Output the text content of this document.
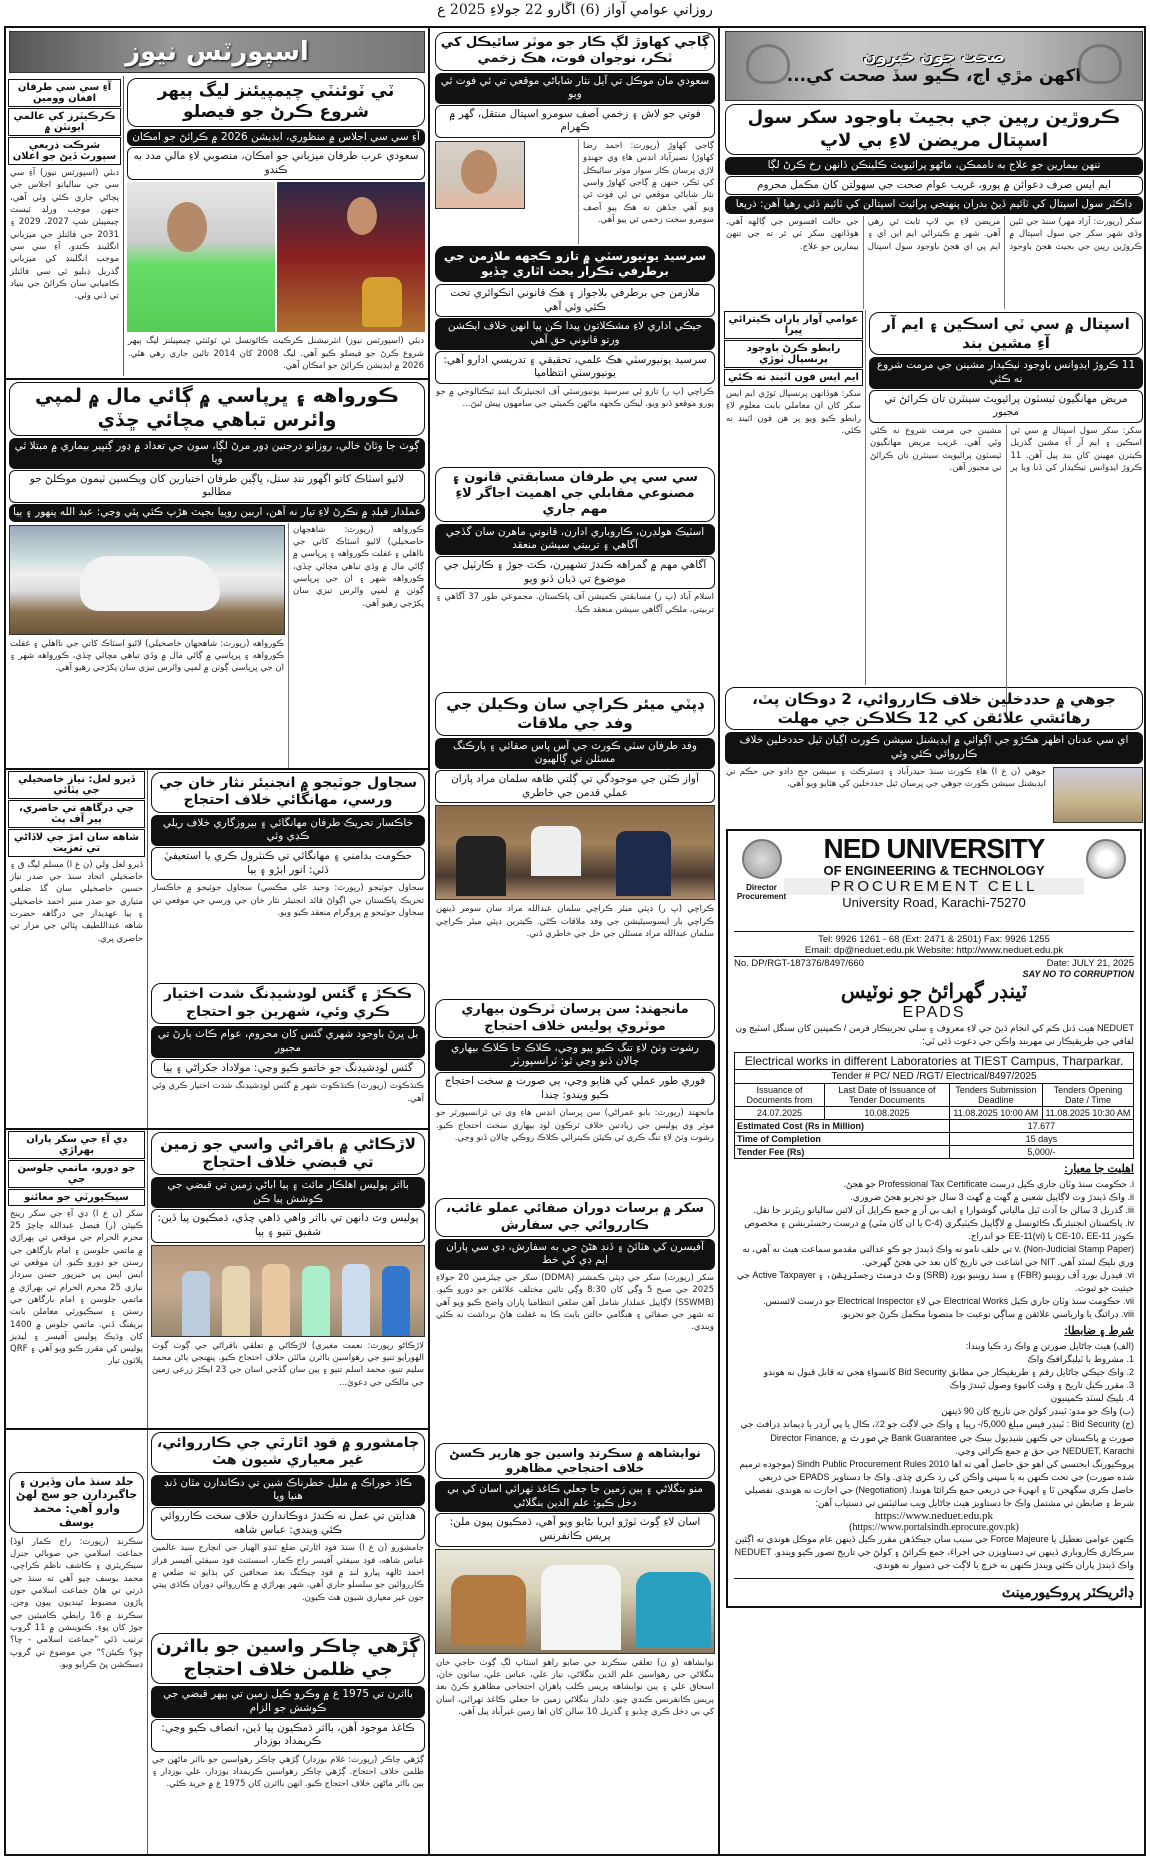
روزاني عوامي آواز (6) اڱارو 22 جولاءِ 2025 ع
اسپورٽس نيوز
آءِ سي سي طرفان افغان وومين
ڪرڪيٽرز کي عالمي ايونٽن ۾
شرڪت ذريعي سپورٽ ڏيڻ جو اعلان
دبئي (اسپورٽس نيوز) آءِ سي سي جي ساليانو اجلاس جي پڄاڻي جاري ڪئي وئي آهي، جنهن موجب ورلڊ ٽيسٽ چيمپيئن شپ 2027، 2029 ۽ 2031 جي فائنلز جي ميزباني انگلينڊ ڪندو. آءِ سي سي موجب انگلينڊ کي ميزباني گذريل ڊبليو ٽي سي فائنلز ڪاميابي سان ڪرائڻ جي بنياد تي ڏني وئي.
ٽي ٽوئنٽي چيمپيئنز ليگ ٻيهر شروع ڪرڻ جو فيصلو
آءِ سي سي اجلاس ۾ منظوري، ايڊيشن 2026 ۾ ڪرائڻ جو امڪان
سعودي عرب طرفان ميزباني جو امڪان، منصوبي لاءِ مالي مدد به ڪندو
دبئي (اسپورٽس نيوز) انٽرنيشنل ڪرڪيٽ ڪائونسل ٽي ٽوئنٽي چيمپيئنز ليگ ٻيهر شروع ڪرڻ جو فيصلو ڪيو آهي. ليگ 2008 کان 2014 تائين جاري رهي هئي. 2026 ۾ ايڊيشن ڪرائڻ جو امڪان آهي.
ڪورواهه ۽ ڀرپاسي ۾ ڳائي مال ۾ لمپي وائرس تباهي مچائي ڇڏي
ڳوٺ جا وٿاڻ خالي، روزانو درجنين ڍور مرڻ لڳا، سون جي تعداد ۾ ڍور ڳنڀير بيماري ۾ مبتلا ٿي ويا
لائيو اسٽاڪ کاتو اگھور ننڊ ستل، ڀاڳين طرفان اختيارين کان ويڪسين ٽيمون موڪلڻ جو مطالبو
عملدار فيلڊ ۾ نڪرڻ لاءِ تيار نه آهن، اربين روپيا بجيٽ هڙپ ڪئي پئي وڃي: عبد الله پنهور ۽ ٻيا
ڪورواهه (رپورٽ: شاهجهان خاصخيلي) لائيو اسٽاڪ کاتي جي نااهلي ۽ غفلت ڪورواهه ۽ ڀرپاسي ۾ ڳائي مال ۾ وڏي تباهي مچائي ڇڏي، ڪورواهه شهر ۽ ان جي ڀرپاسي ڳوٺن ۾ لمپي وائرس تيزي سان پکڙجي رهيو آهي.
ڪورواهه (رپورٽ: شاهجهان خاصخيلي) لائيو اسٽاڪ کاتي جي نااهلي ۽ غفلت ڪورواهه ۽ ڀرپاسي ۾ ڳائي مال ۾ وڏي تباهي مچائي ڇڏي، ڪورواهه شهر ۽ ان جي ڀرپاسي ڳوٺن ۾ لمپي وائرس تيزي سان پکڙجي رهيو آهي.
ڏيرو لعل: نياز خاصخيلي جي پٽائي
جي درگاهه تي حاضري، پير آف پٽ
شاهه سان امڙ جي لاڏاڻي تي تعزيت
ڏيرو لعل ولي (ن ع ا) مسلم ليگ ق ۽ خاصخيلي اتحاد سنڌ جي صدر نياز حسين خاصخيلي سان گڏ ضلعي متياري جو صدر منير احمد خاصخيلي ۽ ٻيا عهديدار جي درگاهه حضرت شاهه عبداللطيف ڀٽائي جي مزار تي حاضري ڀري.
سجاول جوٽيجو ۾ انجنيئر نثار خان جي ورسي، مهانگائي خلاف احتجاج
خاڪسار تحريڪ طرفان مهانگائي ۽ بيروزگاري خلاف ريلي ڪڍي وئي
حڪومت بدامني ۽ مهانگائي تي ڪنٽرول ڪري يا استعيفيٰ ڏئي: انور ابڙو ۽ ٻيا
سجاول جوٽيجو (رپورٽ: وحيد علي مڪسي) سجاول جوٽيجو ۾ خاڪسار تحريڪ پاڪستان جي اڳواڻ قائد انجنيئر نثار خان جي ورسي جي موقعي تي سجاول جوٽيجو ۾ پروگرام منعقد ڪيو ويو.
ڪڪڙ ۽ گئس لوڊشيڊنگ شدت اختيار ڪري وئي، شهرين جو احتجاج
بل ڀرڻ باوجود شهري گئس کان محروم، عوام ڪاٺ ٻارڻ تي مجبور
گئس لوڊشيڊنگ جو خاتمو ڪيو وڃي: مولاداد جکراڻي ۽ ٻيا
ڪنڌڪوٽ (رپورٽ) ڪنڌڪوٽ شهر ۾ گئس لوڊشيڊنگ شدت اختيار ڪري وئي آهي.
ڊي آءِ جي سکر پاران ٻهراڙي
جو دورو، ماتمي جلوسن جي
سيڪيورٽي جو معائنو
سکر (ن ع ا) ڊي آءِ جي سکر رينج ڪيپٽن (ر) فيصل عبدالله چاچڙ 25 محرم الحرام جي موقعي تي ٻهراڙي ۾ ماتمي جلوسن ۽ امام بارگاهن جي رستن جو دورو ڪيو. ان موقعي تي ايس ايس پي خيرپور حسن سردار نيازي 25 محرم الحرام تي ٻهراڙي ۾ ماتمي جلوسن ۽ امام بارگاهن جي رستن ۽ سيڪيورٽي معاملن بابت بريفنگ ڏني. ماتمي جلوس ۾ 1400 کان وڌيڪ پوليس آفيسر ۽ ليڊيز پوليس کي مقرر ڪيو ويو آهي ۽ QRF پلاٽون تيار
لاڙڪاڻي ۾ باقراڻي واسي جو زمين تي قبضي خلاف احتجاج
بااثر پوليس اهلڪار مائٽ ۽ ٻيا اباڻي زمين تي قبضي جي ڪوشش پيا ڪن
پوليس وٽ دانهن تي بااثر واهي ڌاهي ڇڏي، ڌمڪيون پيا ڏين: شفيق تنيو ۽ ٻيا
لاڙڪاڻو رپورٽ: نعمت مغيري) لاڙڪاڻي ۾ تعلقي باقراڻي جي ڳوٺ ڳوٺ الهورايو تنيو جي رهواسين بااثرن مائٽن خلاف احتجاج ڪيو. پنهنجي ٻاڻن محمد سليم تنيو، محمد اسلم تنيو ۽ ٻين سان گڏجي اسان جي 23 ايڪڙ زرعي زمين جي مالڪي جي دعويٰ...
جلد سنڌ مان وڏيرن ۽ جاگيردارن جو سج لهڻ وارو آهي: محمد يوسف
سڪرنڊ (رپورٽ: راج ڪمار اوڏ) جماعت اسلامي جي صوبائي جنرل سيڪريٽري ۽ ڪاشف ناظم ڪراچي، محمد يوسف چيو آهي ته سنڌ جي ڌرتي تي هاڻ جماعت اسلامي جون پاڙون مضبوط ٿينديون پيون وڃن. سڪرنڊ ۾ 16 رابطي ڪاميٽين جي جوڙ کان پوءِ. ڪنوينشن ۾ 11 گروپ ترتيب ڏئي "جماعت اسلامي - ڇا؟ ڇو؟ ڪيئن؟" جي موضوع تي گروپ ڊسڪشن پڻ ڪرايو ويو.
ڄامشورو ۾ فوڊ اٿارٽي جي ڪارروائي، غير معياري شيون هٽ
ڪاڌ خوراڪ ۾ مليل خطرناڪ شين تي دڪاندارن مٿان ڏنڊ هنيا ويا
هدايتن تي عمل نه ڪندڙ دوڪاندارن خلاف سخت ڪارروائي ڪئي ويندي: عباس شاهه
ڄامشورو (ن ع ا) سنڌ فوڊ اٿارٽي ضلع ٽنڊو الهيار جي انچارج سيد عالمين عباس شاهه، فوڊ سيفٽي آفيسر راج ڪمار، اسسٽنٽ فوڊ سيفٽي آفيسر فراز احمد ٿالهه پيارو لنڊ ۾ فوڊ چيڪنگ بعد صحافين کي ٻڌايو ته ضلعي ۾ ڪارروائين جو سلسلو جاري آهي. شهر ٻهراڙي ۾ ڪارروائي دوران ڪاڌي پيتي جون غير معياري شيون هٽ ڪيون.
ڳڙهي چاڪر واسين جو بااثرن جي ظلمن خلاف احتجاج
بااثرن تي 1975 ع ۾ وڪرو ڪيل زمين تي ٻيهر قبضي جي ڪوشش جو الزام
ڪاغذ موجود آهن، بااثر ڌمڪيون پيا ڏين، انصاف ڪيو وڃي: ڪريمداد بوزدار
ڳڙهي چاڪر (رپورٽ: غلام بوزدار) ڳڙهي چاڪر رهواسين جو بااثر ماڻهن جي ظلمن خلاف احتجاج. ڳڙهي چاڪر رهواسين ڪريمداد بوزدار، علي بوزدار ۽ ٻين بااثر ماڻهن خلاف احتجاج ڪيو. انهن بااثرن کان 1975 ع ۾ خريد ڪئي.
ڳاجي کهاوڙ لڳ ڪار جو موٽر سائيڪل کي ٽڪر، نوجوان فوت، هڪ زخمي
سعودي مان موڪل تي آيل نثار شاباڻي موقعي تي ئي فوت ٿي ويو
فوتي جو لاش ۽ زخمي آصف سومرو اسپتال منتقل، گهر ۾ ڪهرام
ڳاجي کهاوڙ (رپورٽ: احمد رضا کهاوڙ) نصيرآباد انڊس هاءِ وي جهنڊو لاڙي پرسان ڪار سوار موٽر سائيڪل کي ٽڪر، جنهن ۾ ڳاجي کهاوڙ واسي نثار شاباڻي موقعي تي ئي فوت ٿي ويو آهي جڏهن ته هڪ ٻيو آصف سومرو سخت زخمي ٿي پيو آهي.
سرسيد يونيورسٽي ۾ تازو ڪجهه ملازمن جي برطرفي تڪرار بحث اٿاري ڇڏيو
ملازمن جي برطرفي بلاجواز ۽ هڪ قانوني انڪوائري تحت ڪئي وئي آهي
جيڪي اداري لاءِ مشڪلاتون پيدا ڪن پيا انهن خلاف ايڪشن ورتو قانوني حق آهي
سرسيد يونيورسٽي هڪ علمي، تحقيقي ۽ تدريسي ادارو آهي: يونيورسٽي انتظاميا
ڪراچي (پ ر) تازو ئي سرسيد يونيورسٽي آف انجنيئرنگ اينڊ ٽيڪنالوجي ۾ جو پورو موقعو ڏنو ويو. ليڪن ڪجهه ماڻهن ڪميٽي جي سامهون پيش ٿيڻ...
سي سي پي طرفان مسابقتي قانون ۽ مصنوعي مقابلي جي اهميت اجاگر لاءِ مهم جاري
اسٽيڪ هولڊرن، ڪاروباري ادارن، قانوني ماهرن سان گڏجي آگاهي ۽ تربيتي سيشن منعقد
آگاهي مهم ۾ گمراهه ڪندڙ تشهيرن، ڪٽ جوڙ ۽ ڪارٽيل جي موضوع تي ڌيان ڏنو ويو
اسلام آباد (پ ر) مسابقتي ڪميشن آف پاڪستان. مجموعي طور 37 آگاهي ۽ تربيتي، ملڪي آگاهي سيشن منعقد ڪيا.
ڊپٽي ميئر ڪراچي سان وڪيلن جي وفد جي ملاقات
وفد طرفان سٽي ڪورٽ جي آس پاس صفائي ۽ پارڪنگ مسئلن تي ڳالهيون
آواز ڪٽن جي موجودگي تي ڳلتي ظاهه سلمان مراد پاران عملي قدمن جي خاطري
ڪراچي (پ ر) ڊپٽي ميئر ڪراچي سلمان عبدالله مراد سان سومر ڏينهن ڪراچي بار ايسوسيئيشن جي وفد ملاقات ڪئي. ڪيترين ڊپٽي ميئر ڪراچي سلمان عبدالله مراد مسئلن جي حل جي خاطري ڏني.
مانجهند: سن پرسان ٽرڪون بيهاري موٽروي پوليس خلاف احتجاج
رشوت وٺڻ لاءِ تنگ ڪيو پيو وڃي، ڪلاڪ جا ڪلاڪ بيهاري چالان ڏنو وڃي ٿو: ٽرانسپورٽر
فوري طور عملي کي هٽايو وڃي، ٻي صورت ۾ سخت احتجاج ڪيو ويندو: چندا
مانجهند (رپورٽ: بابو عمراڻي) سن پرسان انڊس هاءِ وي تي ٽرانسپورٽر جو موٽر وي پوليس جي زيادتين خلاف ٽرڪون لوڊ بيهاري سخت احتجاج ڪيو. رشوت وٺڻ لاءِ تنگ ڪري ٿي ڪيئن ڪيترائي ڪلاڪ روڪي چالان ڏنو وڃي.
سکر ۾ برسات دوران صفائي عملو غائب، ڪارروائي جي سفارش
آفيسرن کي هٽائڻ ۽ ڏنڊ هڻڻ جي به سفارش، ڊي سي پاران ايم ڊي کي خط
سکر (رپورٽ) سکر جي ڊپٽي ڪمشنر (DDMA) سکر جي چيئرمين 20 جولاءِ 2025 جي صبح 5 وڳي کان 8:30 وڳي تائين مختلف علائقن جو دورو ڪيو. (SSWMB) لاڳاپيل عملدار شامل آهن ضلعي انتظاميا پاران واضح ڪيو ويو آهي ته شهر جي صفائي ۽ هنگامي حالتن بابت ڪا به غفلت هاڻ برداشت نه ڪئي ويندي.
نوابشاهه ۾ سڪرنڊ واسين جو هارپر ڪسڻ خلاف احتجاجي مظاهرو
منو بنگلاڻي ۽ ٻين زمين جا جعلي ڪاغذ ٺهرائي اسان کي بي دخل ڪيو: علم الدين بنگلاڻي
اسان لاءِ ڳوٺ ٽوڙو ايريا بڻايو ويو آهي، ڌمڪيون پيون ملن: پريس ڪانفرنس
نوابشاهه (و ن) تعلقي سڪرنڊ جي صابو راهو اسٽاپ لڳ ڳوٺ حاجي خان بنگلاڻي جي رهواسين علم الدين بنگلاڻي، نياز علي، عباس علي، ساٺون خان، اسحاق علي ۽ ٻين نوابشاهه پريس ڪلب ٻاهران احتجاجي مظاهرو ڪرڻ بعد پريس ڪانفرنس ڪندي چيو. دلدار بنگلاڻي زمين جا جعلي ڪاغذ ٺهرائي، اسان کي بي دخل ڪري ڇڏيو ۽ گذريل 10 سالن کان اها زمين غيرآباد پيل آهي.
صحت جون خبرون
اکهن مڙي اڄ، ڪيو سڏ صحت کي...
ڪروڙين رپين جي بجيٽ باوجود سکر سول اسپتال مريضن لاءِ بي لاڀ
تنهن بيمارين جو علاج به ناممڪن، ماڻهو پرائيويٽ ڪلينڪن ڏانهن رخ ڪرڻ لڳا
ايم ايس صرف دعوائن ۾ پورو، غريب عوام صحت جي سهولتن کان مڪمل محروم
ڊاڪٽر سول اسپتال کي ٽائيم ڏيڻ بدران پنهنجي پرائيٽ اسپتالن کي ٽائيم ڏئي رهيا آهن: ذريعا
سکر (رپورٽ: آزاد مهر) سنڌ جي ٽئين وڏي شهر سکر جي سول اسپتال ۾ ڪروڙين رپين جي بجيٽ هجڻ باوجود مريضن لاءِ بي لاڀ ثابت ٿي رهي آهي. شهر ۾ ڪيترائي ايم اين اي ۽ ايم پي اي هجڻ باوجود سول اسپتال جي حالت افسوس جي ڳالهه آهي. هوڏانهن سکر ٽي ٿر ته جي تنهن بيمارين جو علاج.
اسپتال ۾ سي ٽي اسڪين ۽ ايم آر آءِ مشين بند
11 ڪروڙ ايڊوانس باوجود ٺيڪيدار مشينن جي مرمت شروع نه ڪئي
مريض مهانگيون ٽيسٽون پرائيويٽ سينٽرن تان ڪرائڻ تي مجبور
سکر: سکر سول اسپتال ۾ سي ٽي اسڪين ۽ ايم آر آءِ مشين گذريل ڪيترن مهينن کان بند پيل آهن. 11 ڪروڙ ايڊوانس ٺيڪيدار کي ڏنا ويا پر مشينن جي مرمت شروع نه ڪئي وئي آهي. غريب مريض مهانگيون ٽيسٽون پرائيويٽ سينٽرن تان ڪرائڻ تي مجبور آهن.
عوامي آواز پاران ڪيترائي ڀيرا
رابطو ڪرڻ باوجود پرنسپال ٽوڙي
ايم ايس فون اٽينڊ نه ڪئي
سکر: هوڏانهن پرنسپال ٽوڙي ايم ايس سکر کان ان معاملي بابت معلوم لاءِ رابطو ڪيو ويو پر هن فون اٽينڊ نه ڪئي.
جوهي ۾ حددخلين خلاف ڪارروائي، 2 دوڪان پٽ، رهائشي علائقن کي 12 ڪلاڪن جي مهلت
اي سي عدنان اظهر هڪڙو جي اڳوائي ۾ ايڊيشنل سيشن ڪورٽ اڳيان ٿيل حددخلين خلاف ڪارروائي ڪئي وئي
جوهي (ن ع ا) هاءِ ڪورٽ سنڌ حيدرآباد ۽ ڊسٽرڪٽ ۽ سيشن جج دادو جي حڪم تي ايڊيشنل سيشن ڪورٽ جوهي جي ڀرسان ٿيل حددخلين کي هٽايو ويو آهي.
Director Procurement
NED UNIVERSITY
OF ENGINEERING & TECHNOLOGY
PROCUREMENT CELL
University Road, Karachi-75270
Tel: 9926 1261 - 68 (Ext: 2471 & 2501) Fax: 9926 1255
Email: dp@neduet.edu.pk Website: http://www.neduet.edu.pk
No. DP/RGT-187376/8497/660	Date: JULY 21, 2025
SAY NO TO CORRUPTION
ٽينڊر گهرائڻ جو نوٽيس
EPADS
NEDUET هيٺ ڏنل ڪم کي انجام ڏيڻ جي لاءِ معروف ۽ سلي تجربيڪار فرمن / ڪمپنين کان سنگل اسٽيج ون لفافي جي طريقيڪار تي مهربند واڪن جي دعوت ڏئي ٿي:
Electrical works in different Laboratories at TIEST Campus, Tharparkar.			
Tender # PC/ NED /RGT/ Electrical/8497/2025			
Issuance of Documents from	Last Date of Issuance of Tender Documents	Tenders Submission Deadline	Tenders Opening Date / Time
24.07.2025	10.08.2025	11.08.2025 10:00 AM	11.08.2025 10:30 AM
Estimated Cost (Rs in Million)		17.677	
Time of Completion		15 days	
Tender Fee (Rs)		5,000/-	
اهليت جا معيار:
i. حڪومت سنڌ وٽان جاري ڪيل درست Professional Tax Certificate جو هجڻ.
ii. واڪ ڏيندڙ وٽ لاڳاپيل شعبي ۾ گهٽ ۾ گهٽ 3 سال جو تجربو هجڻ ضروري.
iii. گذريل 3 سالن جا آڊٽ ٿيل مالياتي گوشوارا ۽ ايف بي آر ۾ جمع ڪرايل آن لائين ساليانو ريٽرنز جا نقل.
iv. پاڪستان انجنيئرنگ ڪائونسل ۾ لاڳاپيل ڪيٽيگري (C-4 يا ان کان مٿي) ۾ درست رجسٽريشن ۽ مخصوص ڪوڊز CE-10، EE-11 يا EE-11(vi) جو اندراج.
v. (Non-Judicial Stamp Paper) تي حلف نامو ته واڪ ڏيندڙ جو ڪو عدالتي مقدمو سماعت هيٺ نه آهي، نه وري بليڪ لسٽڊ آهي. NIT جي اشاعت جي تاريخ کان بعد جي هجڻ گهرجي.
vi. فيڊرل بورڊ آف روينيو (FBR) ۽ سنڌ روينيو بورڊ (SRB) وٽ درست رجسٽريشن، ۽ Active Taxpayer جي حيثيت جو ثبوت.
vii. حڪومت سنڌ وٽان جاري ڪيل Electrical Works جي لاءِ Electrical Inspector جو درست لائسنس.
viii. ڊرائنگ يا وارياسي علائقن ۾ ساڳي نوعيت جا منصوبا مڪمل ڪرڻ جو تجربو.
شرط ۽ ضابطا:
(الف) هيٺ ڄاڻايل صورتن ۾ واڪ رد ڪيا ويندا:
1. مشروط يا ٽيليگرافڪ واڪ
2. واڪ جيڪي ڄاڻايل رقم ۽ طريقيڪار جي مطابق Bid Security کانسواءِ هجي ته قابل قبول نه هوندو
3. مقرر ڪيل تاريخ ۽ وقت کانپوءِ وصول ٿيندڙ واڪ
4. بليڪ لسٽڊ ڪمپنيون
(ب) واڪ جو مدو: ٽينڊر کولڻ جي تاريخ کان 90 ڏينهن
(ج) Bid Security : ٽينڊر فيس مبلغ 5,000/- رپيا ۽ واڪ جي لاڳت جو 2٪، ڪال يا پي آرڊر يا ڊيمانڊ ڊرافٽ جي صورت ۾ پاڪستان جي ڪنهن شيڊيول بينڪ جي Bank Guarantee جي صورت ۾ Director Finance, NEDUET, Karachi جي حق ۾ جمع ڪرائي وڃي.
پروڪيورنگ ايجنسي کي اهو حق حاصل آهي ته اها Sindh Public Procurement Rules 2010 (موجوده ترميم شده صورت) جي تحت ڪنهن به يا سڀني واڪن کي رد ڪري ڇڏي. واڪ جا دستاويز EPADS جي ذريعي حاصل ڪري سگهجن ٿا ۽ انهيءَ جي ذريعي جمع ڪرائڻا هوندا. (Negotiation) جي اجازت نه هوندي. تفصيلي شرط ۽ ضابطن تي مشتمل واڪ جا دستاويز هيٺ ڄاڻايل ويب سائيٽس تي دستياب آهن:
https://www.neduet.edu.pk
(https://www.portalsindh.eprocure.gov.pk)
ڪنهن عوامي تعطيل يا Force Majeure جي سبب سان جيڪڏهن مقرر ڪيل ڏينهن عام موڪل هوندي ته اڳئين سرڪاري ڪاروباري ڏينهن تي دستاويزن جي اجراءَ، جمع ڪرائڻ ۽ کولڻ جي تاريخ تصور ڪيو ويندو. NEDUET واڪ ڏيندڙ پاران ڪئي ويندڙ ڪنهن به خرچ يا لاڳت جي ذميوار نه هوندي.
ڊائريڪٽر پروڪيورمينٽ
